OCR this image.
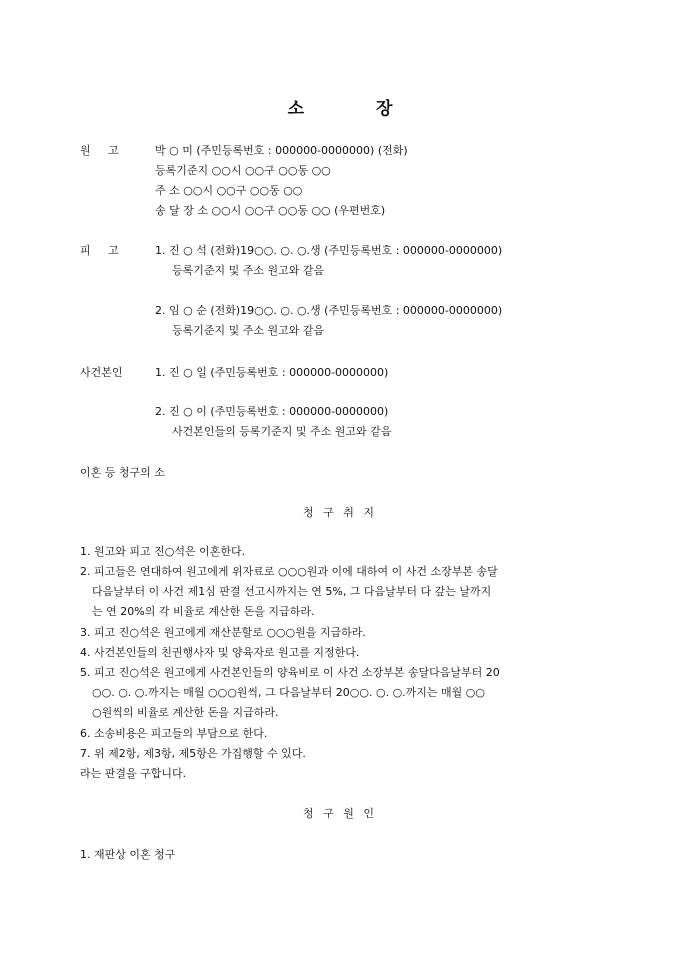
소	장
원 고	박 ○ 미 (주민등록번호 : 000000-0000000) (전화)
등록기준지 ○○시 ○○구 ○○동 ○○
주 소 ○○시 ○○구 ○○동 ○○
송 달 장 소 ○○시 ○○구 ○○동 ○○ (우편번호)
피 고	1. 진 ○ 석 (전화)19○○. ○. ○.생 (주민등록번호 : 000000-0000000)
등록기준지 및 주소 원고와 같음
2. 임 ○ 순 (전화)19○○. ○. ○.생 (주민등록번호 : 000000-0000000)
등록기준지 및 주소 원고와 같음
사건본인	1. 진 ○ 일 (주민등록번호 : 000000-0000000)
2. 진 ○ 이 (주민등록번호 : 000000-0000000)
사건본인들의 등록기준지 및 주소 원고와 같음
이혼 등 청구의 소
청 구 취 지
1. 원고와 피고 진○석은 이혼한다.
2. 피고들은 연대하여 원고에게 위자료로 ○○○원과 이에 대하여 이 사건 소장부본 송달
다음날부터 이 사건 제1심 판결 선고시까지는 연 5%, 그 다음날부터 다 갚는 날까지
는 연 20%의 각 비율로 계산한 돈을 지급하라.
3. 피고 진○석은 원고에게 재산분할로 ○○○원을 지급하라.
4. 사건본인들의 친권행사자 및 양육자로 원고를 지정한다.
5. 피고 진○석은 원고에게 사건본인들의 양육비로 이 사건 소장부본 송달다음날부터 20
○○. ○. ○.까지는 매월 ○○○원씩, 그 다음날부터 20○○. ○. ○.까지는 매월 ○○
○원씩의 비율로 계산한 돈을 지급하라.
6. 소송비용은 피고들의 부담으로 한다.
7. 위 제2항, 제3항, 제5항은 가집행할 수 있다.
라는 판결을 구합니다.
청 구 원 인
1. 재판상 이혼 청구
